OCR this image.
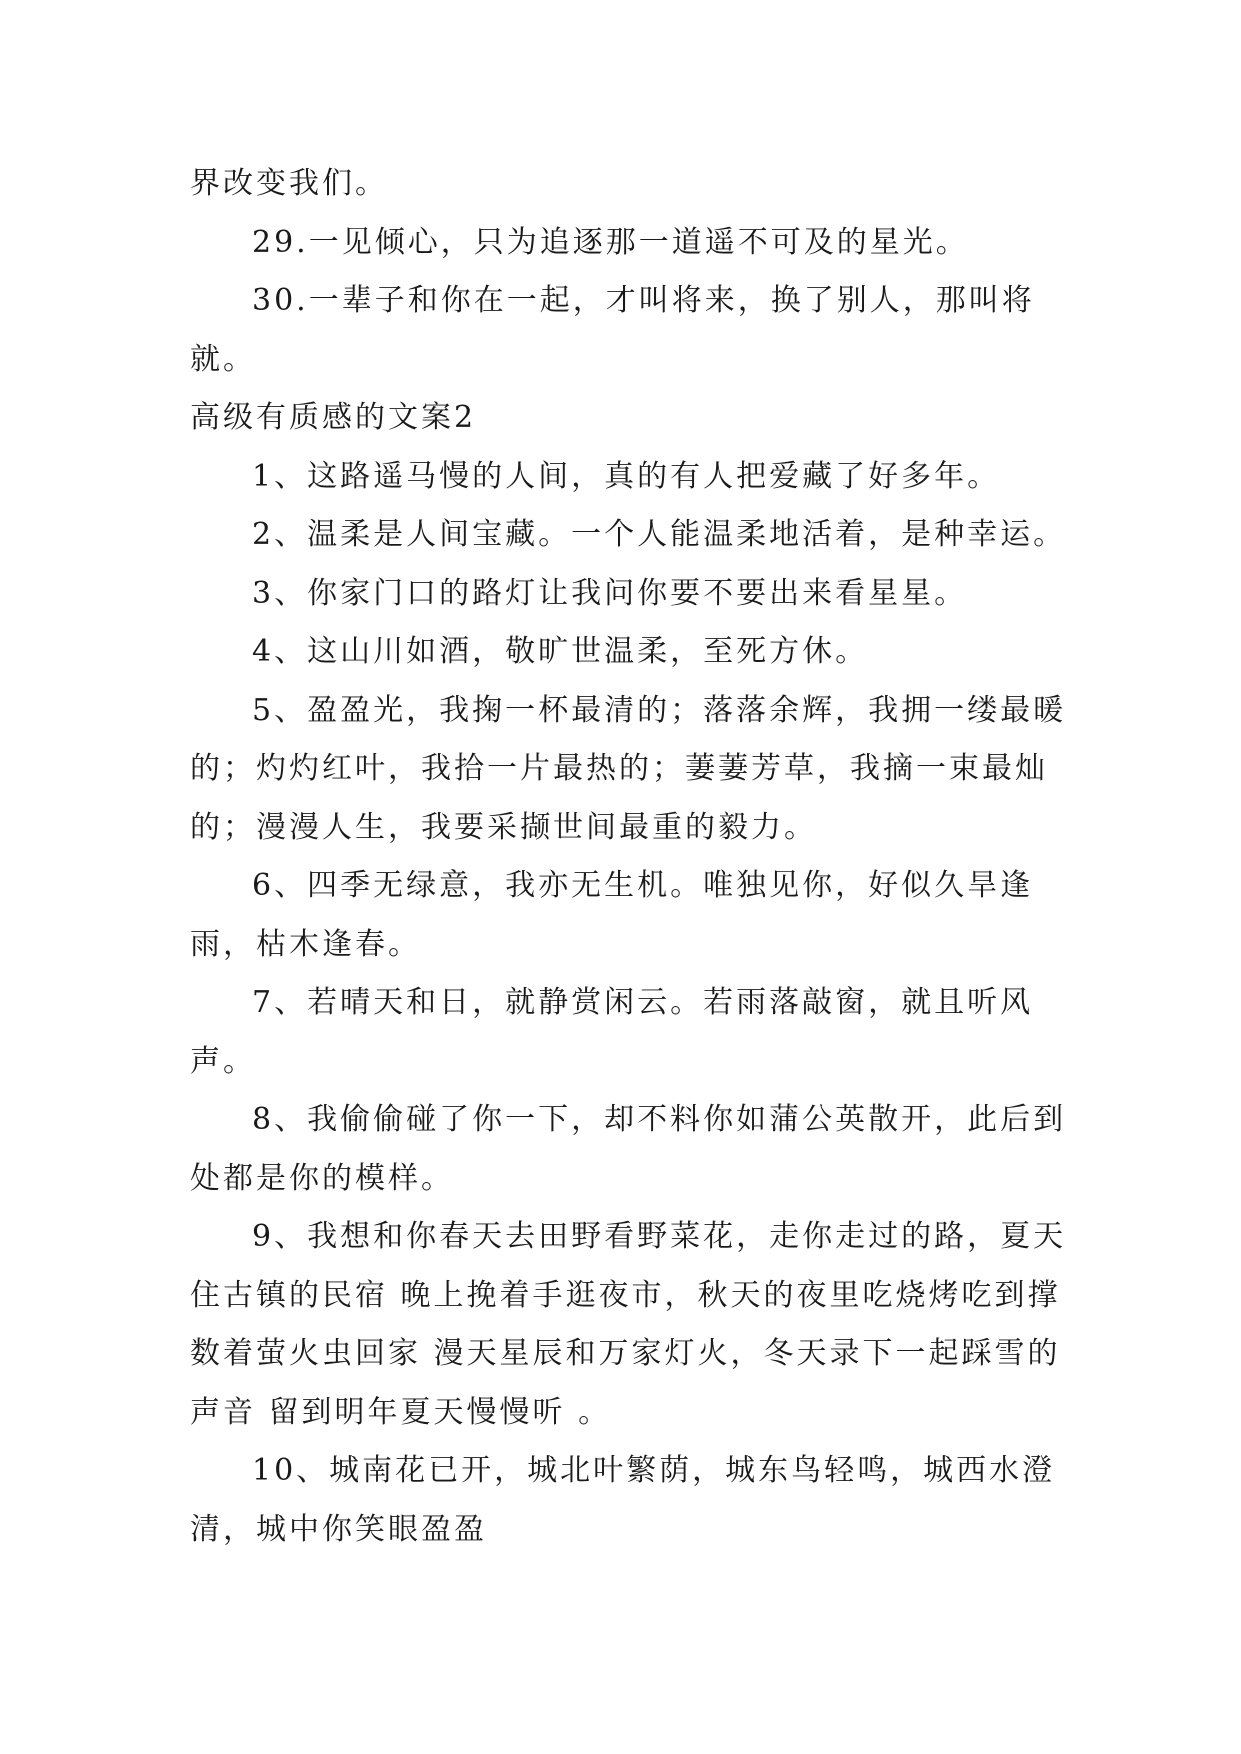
界改变我们。

29.一见倾心，只为追逐那一道遥不可及的星光。

30.一辈子和你在一起，才叫将来，换了别人，那叫将就。

高级有质感的文案2

1、这路遥马慢的人间，真的有人把爱藏了好多年。

2、温柔是人间宝藏。一个人能温柔地活着，是种幸运。

3、你家门口的路灯让我问你要不要出来看星星。

4、这山川如酒，敬旷世温柔，至死方休。

5、盈盈光，我掬一杯最清的；落落余辉，我拥一缕最暖的；灼灼红叶，我拾一片最热的；萋萋芳草，我摘一束最灿的；漫漫人生，我要采撷世间最重的毅力。

6、四季无绿意，我亦无生机。唯独见你，好似久旱逢雨，枯木逢春。

7、若晴天和日，就静赏闲云。若雨落敲窗，就且听风声。

8、我偷偷碰了你一下，却不料你如蒲公英散开，此后到处都是你的模样。

9、我想和你春天去田野看野菜花，走你走过的路，夏天住古镇的民宿 晚上挽着手逛夜市，秋天的夜里吃烧烤吃到撑 数着萤火虫回家 漫天星辰和万家灯火，冬天录下一起踩雪的声音 留到明年夏天慢慢听 。

10、城南花已开，城北叶繁荫，城东鸟轻鸣，城西水澄清，城中你笑眼盈盈
